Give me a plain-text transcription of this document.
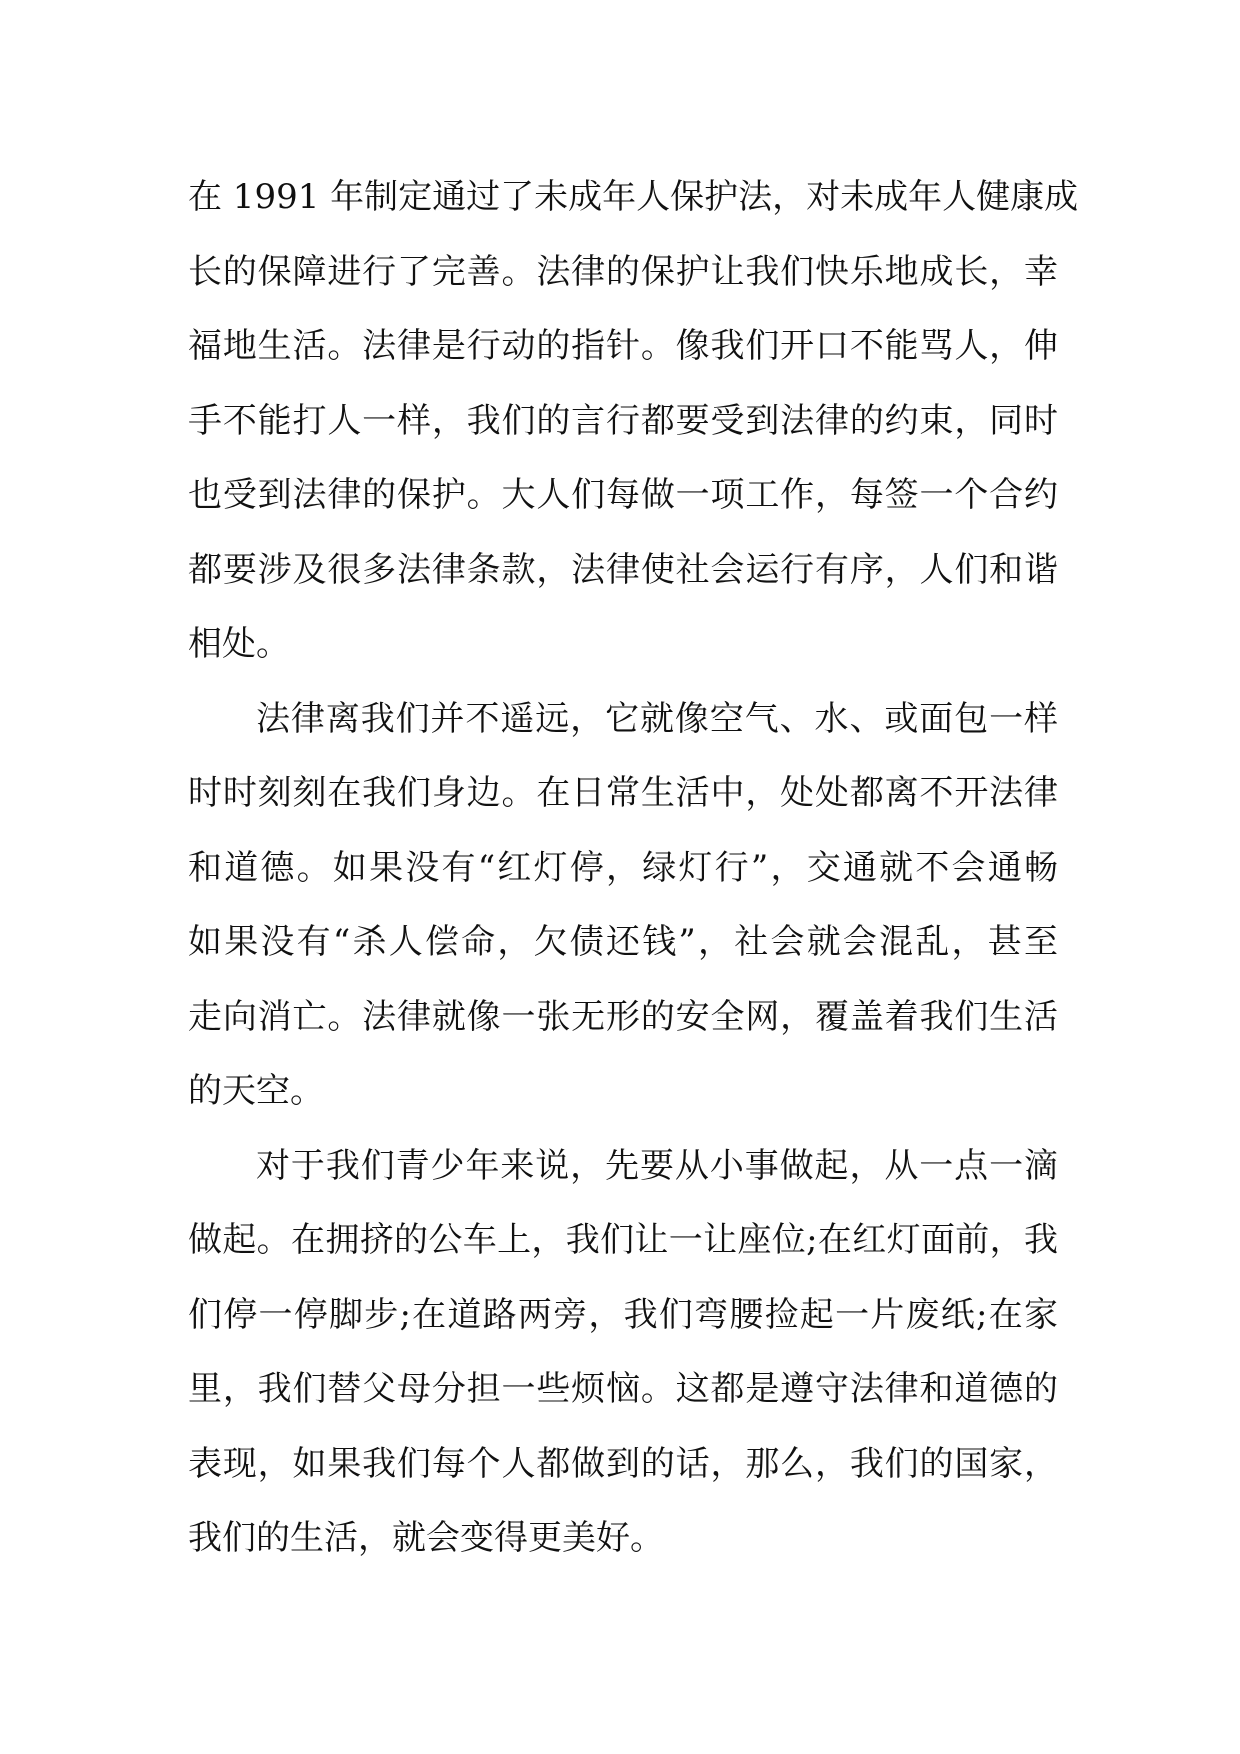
在 1991 年制定通过了未成年人保护法，对未成年人健康成
长的保障进行了完善。法律的保护让我们快乐地成长，幸
福地生活。法律是行动的指针。像我们开口不能骂人，伸
手不能打人一样，我们的言行都要受到法律的约束，同时
也受到法律的保护。大人们每做一项工作，每签一个合约
都要涉及很多法律条款，法律使社会运行有序，人们和谐
相处。
法律离我们并不遥远，它就像空气、水、或面包一样
时时刻刻在我们身边。在日常生活中，处处都离不开法律
和道德。如果没有“红灯停，绿灯行”，交通就不会通畅
如果没有“杀人偿命，欠债还钱”，社会就会混乱，甚至
走向消亡。法律就像一张无形的安全网，覆盖着我们生活
的天空。
对于我们青少年来说，先要从小事做起，从一点一滴
做起。在拥挤的公车上，我们让一让座位;在红灯面前，我
们停一停脚步;在道路两旁，我们弯腰捡起一片废纸;在家
里，我们替父母分担一些烦恼。这都是遵守法律和道德的
表现，如果我们每个人都做到的话，那么，我们的国家，
我们的生活，就会变得更美好。
